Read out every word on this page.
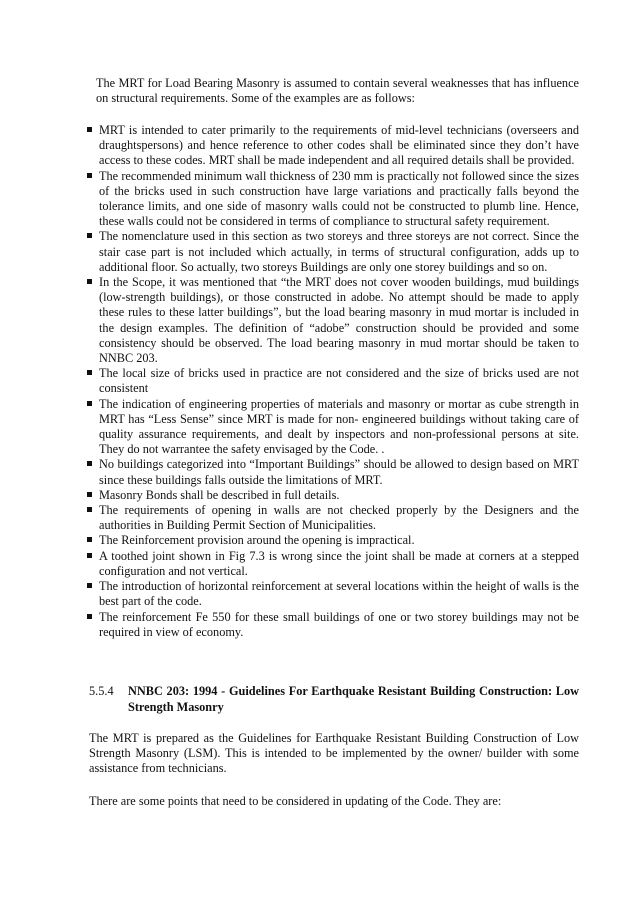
The MRT for Load Bearing Masonry is assumed to contain several weaknesses that has influence on structural requirements. Some of the examples are as follows:

MRT is intended to cater primarily to the requirements of mid-level technicians (overseers and draughtspersons) and hence reference to other codes shall be eliminated since they don’t have access to these codes. MRT shall be made independent and all required details shall be provided.
The recommended minimum wall thickness of 230 mm is practically not followed since the sizes of the bricks used in such construction have large variations and practically falls beyond the tolerance limits, and one side of masonry walls could not be constructed to plumb line. Hence, these walls could not be considered in terms of compliance to structural safety requirement.
The nomenclature used in this section as two storeys and three storeys are not correct. Since the stair case part is not included which actually, in terms of structural configuration, adds up to additional floor. So actually, two storeys Buildings are only one storey buildings and so on.
In the Scope, it was mentioned that “the MRT does not cover wooden buildings, mud buildings (low-strength buildings), or those constructed in adobe. No attempt should be made to apply these rules to these latter buildings”, but the load bearing masonry in mud mortar is included in the design examples. The definition of “adobe” construction should be provided and some consistency should be observed. The load bearing masonry in mud mortar should be taken to NNBC 203.
The local size of bricks used in practice are not considered and the size of bricks used are not consistent
The indication of engineering properties of materials and masonry or mortar as cube strength in MRT has “Less Sense” since MRT is made for non- engineered buildings without taking care of quality assurance requirements, and dealt by inspectors and non-professional persons at site. They do not warrantee the safety envisaged by the Code. .
No buildings categorized into “Important Buildings” should be allowed to design based on MRT since these buildings falls outside the limitations of MRT.
Masonry Bonds shall be described in full details.
The requirements of opening in walls are not checked properly by the Designers and the authorities in Building Permit Section of Municipalities.
The Reinforcement provision around the opening is impractical.
A toothed joint shown in Fig 7.3 is wrong since the joint shall be made at corners at a stepped configuration and not vertical.
The introduction of horizontal reinforcement at several locations within the height of walls is the best part of the code.
The reinforcement Fe 550 for these small buildings of one or two storey buildings may not be required in view of economy.
5.5.4 NNBC 203: 1994 - Guidelines For Earthquake Resistant Building Construction: Low Strength Masonry

The MRT is prepared as the Guidelines for Earthquake Resistant Building Construction of Low Strength Masonry (LSM). This is intended to be implemented by the owner/ builder with some assistance from technicians.

There are some points that need to be considered in updating of the Code. They are:
